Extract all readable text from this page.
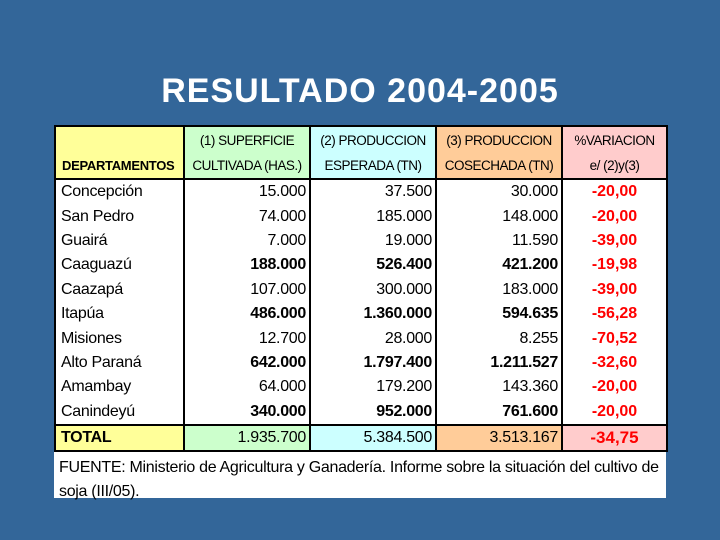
RESULTADO 2004-2005
	(1) SUPERFICIE	(2) PRODUCCION	(3) PRODUCCION	%VARIACION
DEPARTAMENTOS	CULTIVADA (HAS.)	ESPERADA (TN)	COSECHADA (TN)	e/ (2)y(3)
Concepción	15.000	37.500	30.000	-20,00
San Pedro	74.000	185.000	148.000	-20,00
Guairá	7.000	19.000	11.590	-39,00
Caaguazú	188.000	526.400	421.200	-19,98
Caazapá	107.000	300.000	183.000	-39,00
Itapúa	486.000	1.360.000	594.635	-56,28
Misiones	12.700	28.000	8.255	-70,52
Alto Paraná	642.000	1.797.400	1.211.527	-32,60
Amambay	64.000	179.200	143.360	-20,00
Canindeyú	340.000	952.000	761.600	-20,00
TOTAL	1.935.700	5.384.500	3.513.167	-34,75
FUENTE: Ministerio de Agricultura y Ganadería. Informe sobre la situación del cultivo de soja (III/05).
